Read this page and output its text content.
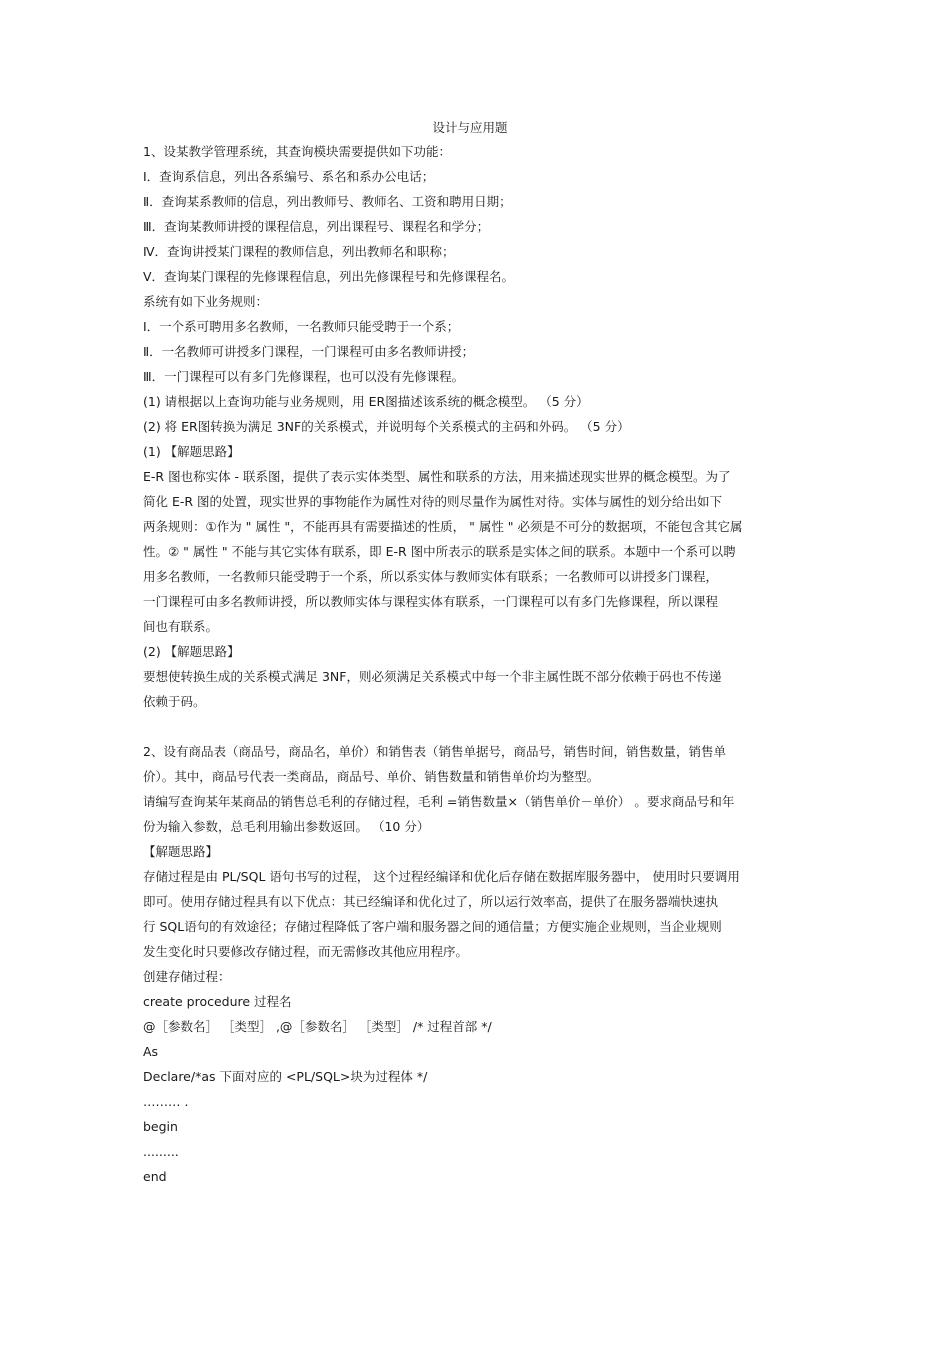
设计与应用题
1、设某教学管理系统，其查询模块需要提供如下功能：
Ⅰ．查询系信息，列出各系编号、系名和系办公电话；
Ⅱ．查询某系教师的信息，列出教师号、教师名、工资和聘用日期；
Ⅲ．查询某教师讲授的课程信息，列出课程号、课程名和学分；
Ⅳ．查询讲授某门课程的教师信息，列出教师名和职称；
Ⅴ．查询某门课程的先修课程信息，列出先修课程号和先修课程名。
系统有如下业务规则：
Ⅰ．一个系可聘用多名教师，一名教师只能受聘于一个系；
Ⅱ．一名教师可讲授多门课程，一门课程可由多名教师讲授；
Ⅲ．一门课程可以有多门先修课程，也可以没有先修课程。
(1) 请根据以上查询功能与业务规则，用 ER图描述该系统的概念模型。 （5 分）
(2) 将 ER图转换为满足 3NF的关系模式，并说明每个关系模式的主码和外码。 （5 分）
(1) 【解题思路】
E-R 图也称实体 - 联系图，提供了表示实体类型、属性和联系的方法，用来描述现实世界的概念模型。为了
简化 E-R 图的处置，现实世界的事物能作为属性对待的则尽量作为属性对待。实体与属性的划分给出如下
两条规则：①作为 " 属性 "，不能再具有需要描述的性质， " 属性 " 必须是不可分的数据项，不能包含其它属
性。② " 属性 " 不能与其它实体有联系，即 E-R 图中所表示的联系是实体之间的联系。本题中一个系可以聘
用多名教师，一名教师只能受聘于一个系，所以系实体与教师实体有联系；一名教师可以讲授多门课程，
一门课程可由多名教师讲授，所以教师实体与课程实体有联系，一门课程可以有多门先修课程，所以课程
间也有联系。
(2) 【解题思路】
要想使转换生成的关系模式满足 3NF，则必须满足关系模式中每一个非主属性既不部分依赖于码也不传递
依赖于码。
2、设有商品表（商品号，商品名，单价）和销售表（销售单据号，商品号，销售时间，销售数量，销售单
价）。其中，商品号代表一类商品，商品号、单价、销售数量和销售单价均为整型。
请编写查询某年某商品的销售总毛利的存储过程，毛利 =销售数量×（销售单价－单价） 。要求商品号和年
份为输入参数，总毛利用输出参数返回。 （10 分）
【解题思路】
存储过程是由 PL/SQL 语句书写的过程， 这个过程经编译和优化后存储在数据库服务器中， 使用时只要调用
即可。使用存储过程具有以下优点：其已经编译和优化过了，所以运行效率高，提供了在服务器端快速执
行 SQL语句的有效途径；存储过程降低了客户端和服务器之间的通信量；方便实施企业规则，当企业规则
发生变化时只要修改存储过程，而无需修改其他应用程序。
创建存储过程：
create procedure 过程名
@［参数名］ ［类型］ ,@［参数名］ ［类型］ /* 过程首部 */
As
Declare/*as 下面对应的 <PL/SQL>块为过程体 */
……… .
begin
.........
end
